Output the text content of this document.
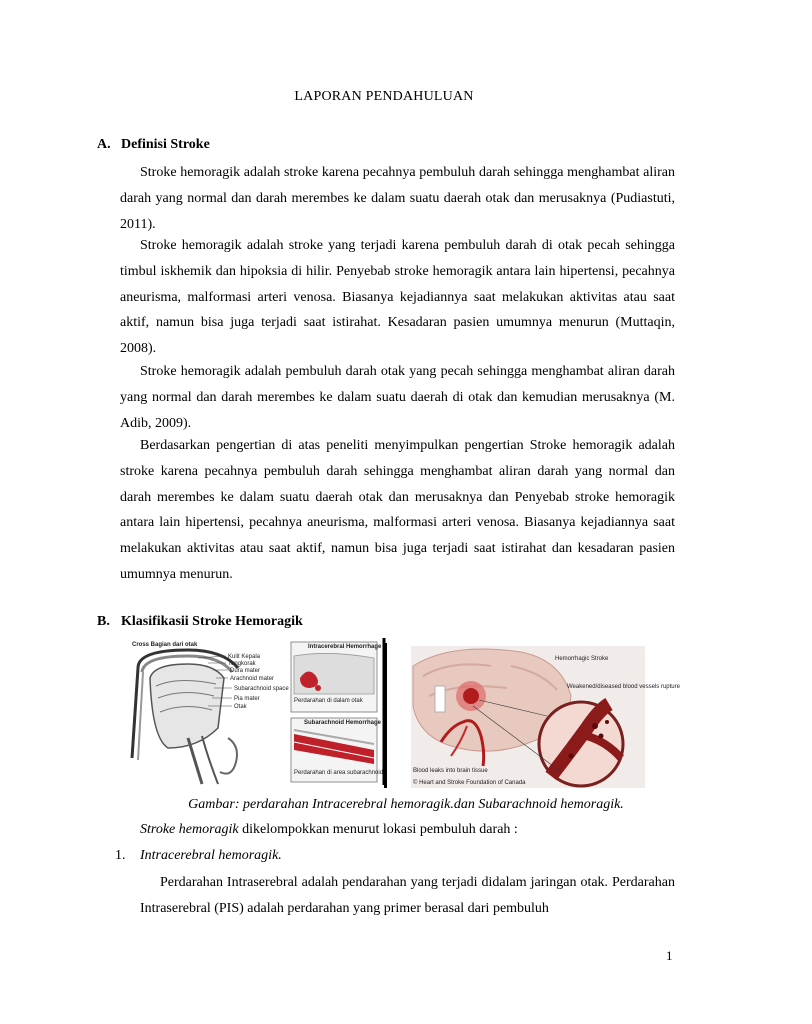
LAPORAN PENDAHULUAN
A. Definisi Stroke

Stroke hemoragik adalah stroke karena pecahnya pembuluh darah sehingga menghambat aliran darah yang normal dan darah merembes ke dalam suatu daerah otak dan merusaknya (Pudiastuti, 2011).

Stroke hemoragik adalah stroke yang terjadi karena pembuluh darah di otak pecah sehingga timbul iskhemik dan hipoksia di hilir. Penyebab stroke hemoragik antara lain hipertensi, pecahnya aneurisma, malformasi arteri venosa. Biasanya kejadiannya saat melakukan aktivitas atau saat aktif, namun bisa juga terjadi saat istirahat. Kesadaran pasien umumnya menurun (Muttaqin, 2008).

Stroke hemoragik adalah pembuluh darah otak yang pecah sehingga menghambat aliran darah yang normal dan darah merembes ke dalam suatu daerah di otak dan kemudian merusaknya (M. Adib, 2009).

Berdasarkan pengertian di atas peneliti menyimpulkan pengertian Stroke hemoragik adalah stroke karena pecahnya pembuluh darah sehingga menghambat aliran darah yang normal dan darah merembes ke dalam suatu daerah otak dan merusaknya dan Penyebab stroke hemoragik antara lain hipertensi, pecahnya aneurisma, malformasi arteri venosa. Biasanya kejadiannya saat melakukan aktivitas atau saat aktif, namun bisa juga terjadi saat istirahat dan kesadaran pasien umumnya menurun.

B. Klasifikasii Stroke Hemoragik
Cross Bagian dari otak
Kulit Kepala
Tengkorak
Dura mater
Arachnoid mater
Subarachnoid space
Pia mater
Otak
Intracerebral Hemorrhage
Perdarahan di dalam otak
Subarachnoid Hemorrhage
Perdarahan di area subarachnoid
Hemorrhagic Stroke
Weakened/diseased blood vessels rupture
Blood leaks into brain tissue
© Heart and Stroke Foundation of Canada
Gambar: perdarahan Intracerebral hemoragik.dan Subarachnoid hemoragik.
Stroke hemoragik dikelompokkan menurut lokasi pembuluh darah :
1. Intracerebral hemoragik.

Perdarahan Intraserebral adalah pendarahan yang terjadi didalam jaringan otak. Perdarahan Intraserebral (PIS) adalah perdarahan yang primer berasal dari pembuluh

1
